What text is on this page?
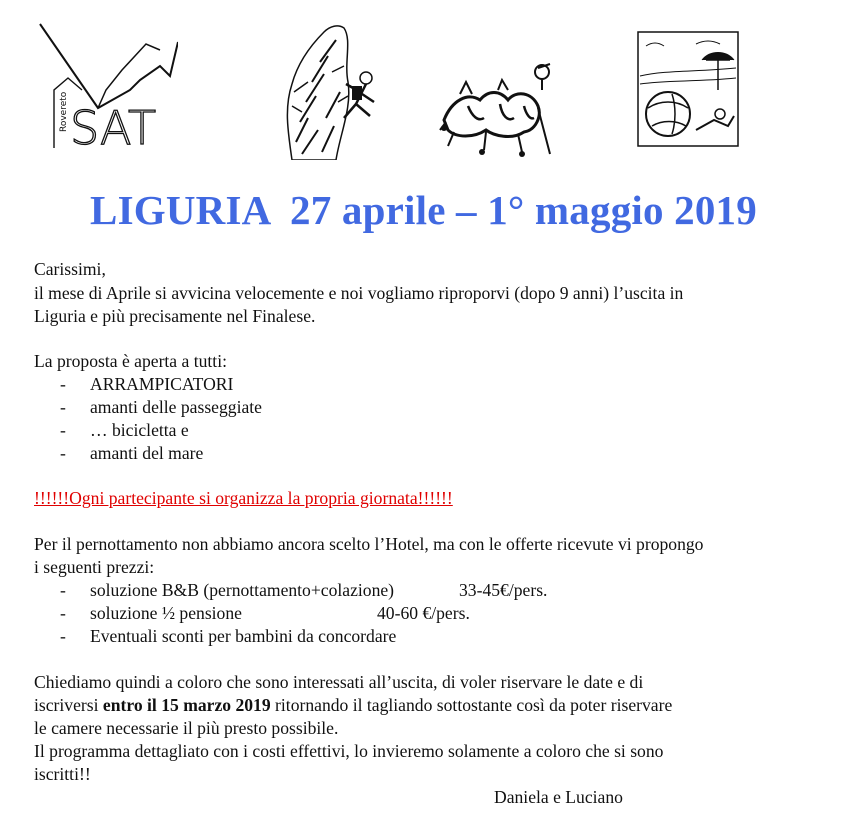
Rovereto SAT
LIGURIA  27 aprile – 1° maggio 2019
Carissimi,
il mese di Aprile si avvicina velocemente e noi vogliamo riproporvi (dopo 9 anni) l’uscita in
Liguria e più precisamente nel Finalese.
La proposta è aperta a tutti:
- ARRAMPICATORI
- amanti delle passeggiate
- … bicicletta e
- amanti del mare
!!!!!!Ogni partecipante si organizza la propria giornata!!!!!!
Per il pernottamento non abbiamo ancora scelto l’Hotel, ma con le offerte ricevute vi propongo
i seguenti prezzi:
- soluzione B&B (pernottamento+colazione)	33-45€/pers.
- soluzione ½ pensione	40-60 €/pers.
- Eventuali sconti per bambini da concordare
Chiediamo quindi a coloro che sono interessati all’uscita, di voler riservare le date e di
iscriversi entro il 15 marzo 2019 ritornando il tagliando sottostante così da poter riservare
le camere necessarie il più presto possibile.
Il programma dettagliato con i costi effettivi, lo invieremo solamente a coloro che si sono
iscritti!!
Daniela e Luciano
